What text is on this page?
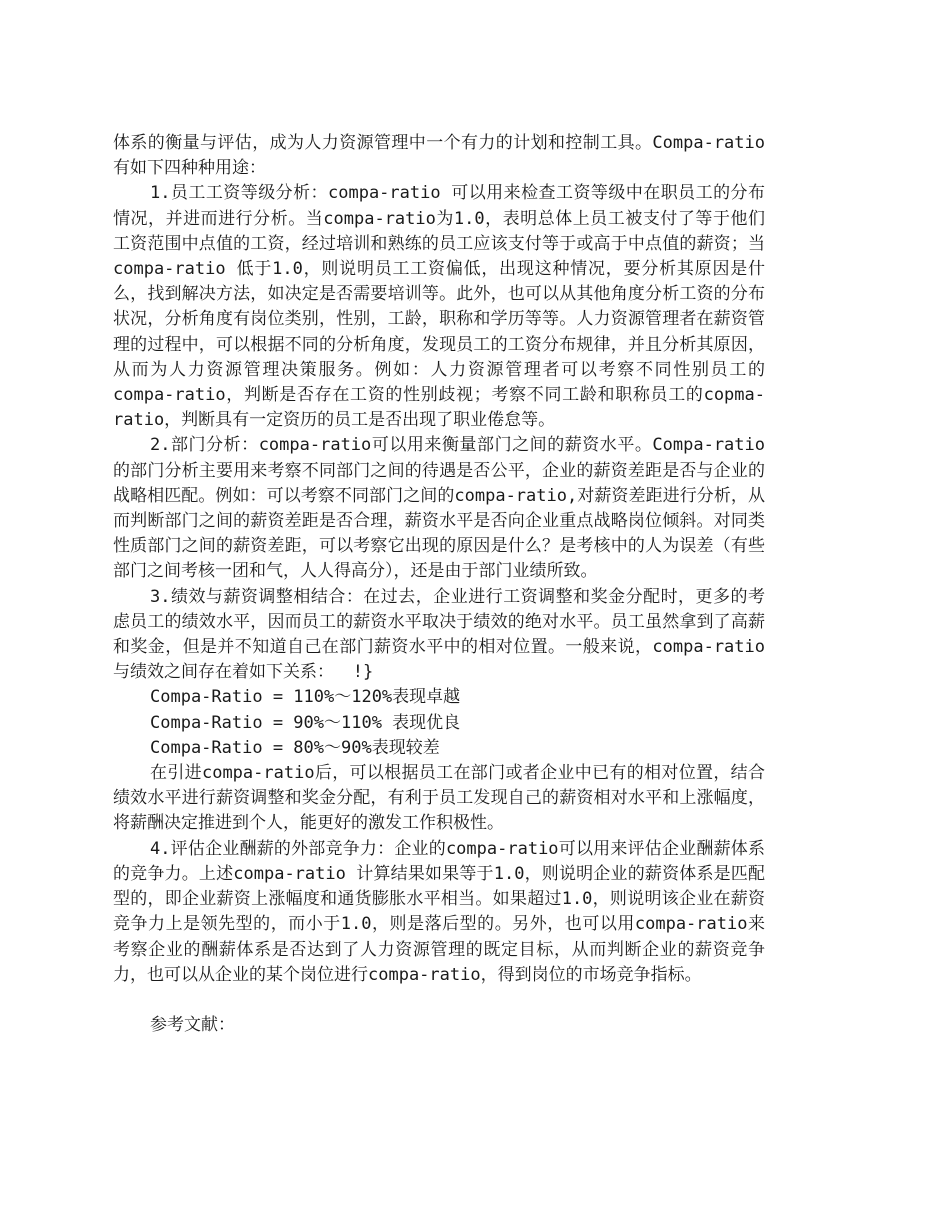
体系的衡量与评估，成为人力资源管理中一个有力的计划和控制工具。Compa-ratio有如下四种种用途：

1.员工工资等级分析：compa-ratio 可以用来检查工资等级中在职员工的分布情况，并进而进行分析。当compa-ratio为1.0，表明总体上员工被支付了等于他们工资范围中点值的工资，经过培训和熟练的员工应该支付等于或高于中点值的薪资；当compa-ratio 低于1.0，则说明员工工资偏低，出现这种情况，要分析其原因是什么，找到解决方法，如决定是否需要培训等。此外，也可以从其他角度分析工资的分布状况，分析角度有岗位类别，性别，工龄，职称和学历等等。人力资源管理者在薪资管理的过程中，可以根据不同的分析角度，发现员工的工资分布规律，并且分析其原因，从而为人力资源管理决策服务。例如：人力资源管理者可以考察不同性别员工的compa-ratio，判断是否存在工资的性别歧视；考察不同工龄和职称员工的copma-ratio，判断具有一定资历的员工是否出现了职业倦怠等。

2.部门分析：compa-ratio可以用来衡量部门之间的薪资水平。Compa-ratio的部门分析主要用来考察不同部门之间的待遇是否公平，企业的薪资差距是否与企业的战略相匹配。例如：可以考察不同部门之间的compa-ratio,对薪资差距进行分析，从而判断部门之间的薪资差距是否合理，薪资水平是否向企业重点战略岗位倾斜。对同类性质部门之间的薪资差距，可以考察它出现的原因是什么？是考核中的人为误差（有些部门之间考核一团和气，人人得高分），还是由于部门业绩所致。

3.绩效与薪资调整相结合：在过去，企业进行工资调整和奖金分配时，更多的考虑员工的绩效水平，因而员工的薪资水平取决于绩效的绝对水平。员工虽然拿到了高薪和奖金，但是并不知道自己在部门薪资水平中的相对位置。一般来说，compa-ratio与绩效之间存在着如下关系：　 !}

Compa-Ratio = 110%～120%表现卓越

Compa-Ratio = 90%～110% 表现优良

Compa-Ratio = 80%～90%表现较差

在引进compa-ratio后，可以根据员工在部门或者企业中已有的相对位置，结合绩效水平进行薪资调整和奖金分配，有利于员工发现自己的薪资相对水平和上涨幅度，将薪酬决定推进到个人，能更好的激发工作积极性。

4.评估企业酬薪的外部竞争力：企业的compa-ratio可以用来评估企业酬薪体系的竞争力。上述compa-ratio 计算结果如果等于1.0，则说明企业的薪资体系是匹配型的，即企业薪资上涨幅度和通货膨胀水平相当。如果超过1.0，则说明该企业在薪资竞争力上是领先型的，而小于1.0，则是落后型的。另外，也可以用compa-ratio来考察企业的酬薪体系是否达到了人力资源管理的既定目标，从而判断企业的薪资竞争力，也可以从企业的某个岗位进行compa-ratio，得到岗位的市场竞争指标。

参考文献：
